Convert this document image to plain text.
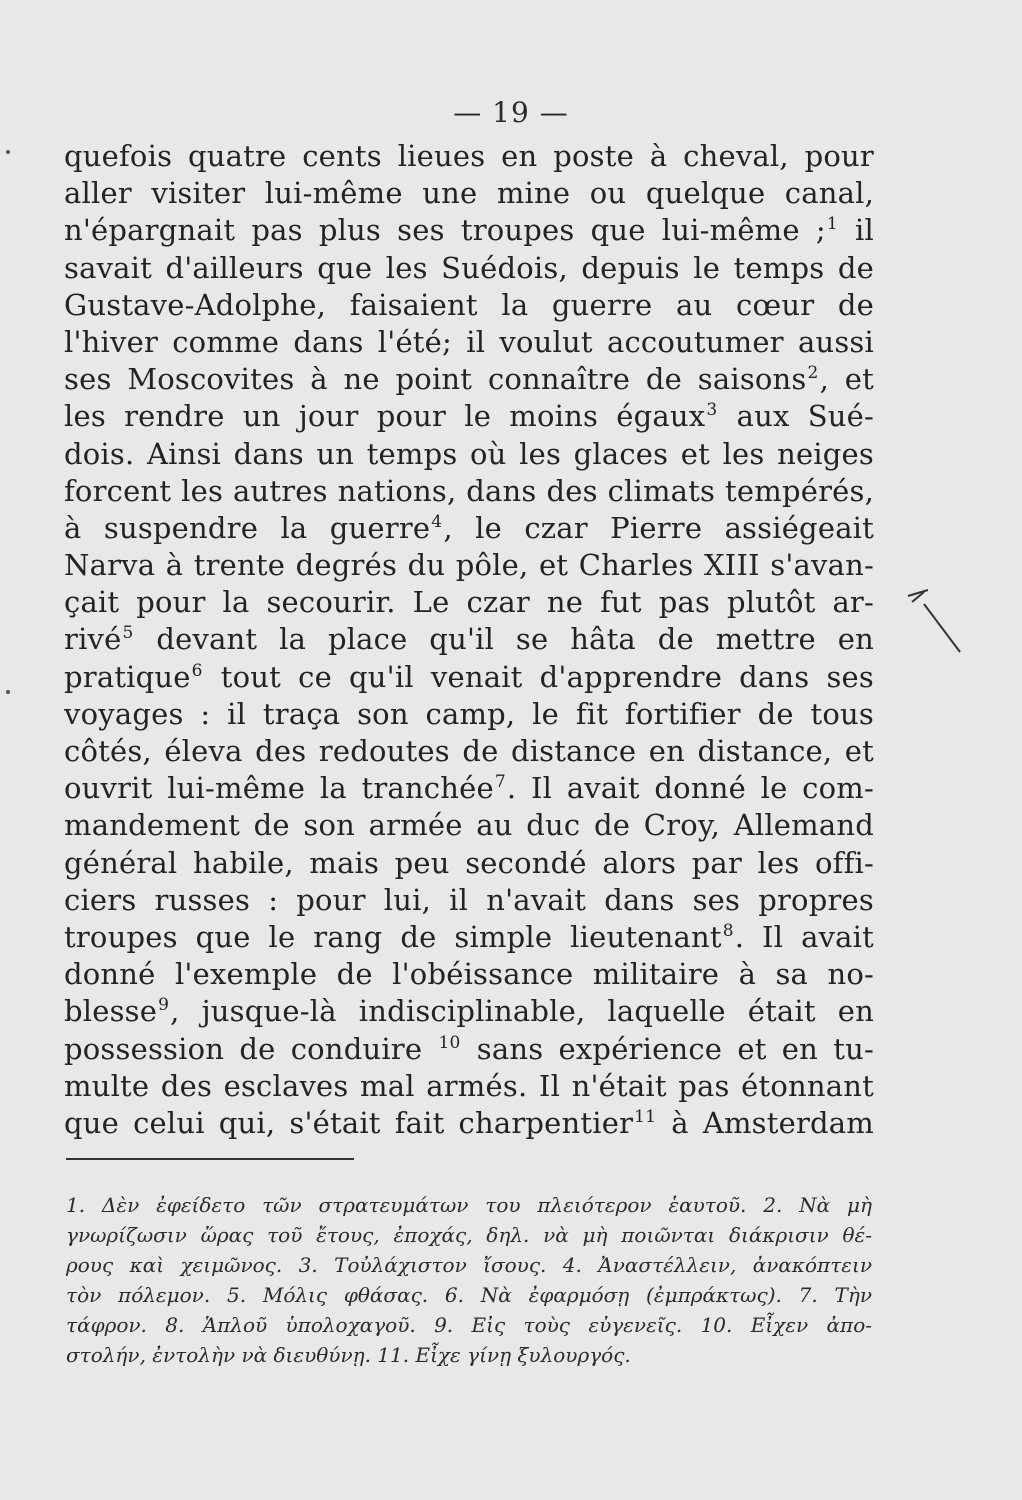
— 19 —
quefois quatre cents lieues en poste à cheval, pour
aller visiter lui-même une mine ou quelque canal,
n'épargnait pas plus ses troupes que lui-même ;$^1$ il
savait d'ailleurs que les Suédois, depuis le temps de
Gustave-Adolphe, faisaient la guerre au cœur de
l'hiver comme dans l'été; il voulut accoutumer aussi
ses Moscovites à ne point connaître de saisons$^2$, et
les rendre un jour pour le moins égaux$^3$ aux Sué-
dois. Ainsi dans un temps où les glaces et les neiges
forcent les autres nations, dans des climats tempérés,
à suspendre la guerre$^4$, le czar Pierre assiégeait
Narva à trente degrés du pôle, et Charles XIII s'avan-
çait pour la secourir. Le czar ne fut pas plutôt ar-
rivé$^5$ devant la place qu'il se hâta de mettre en
pratique$^6$ tout ce qu'il venait d'apprendre dans ses
voyages : il traça son camp, le fit fortifier de tous
côtés, éleva des redoutes de distance en distance, et
ouvrit lui-même la tranchée$^7$. Il avait donné le com-
mandement de son armée au duc de Croy, Allemand
général habile, mais peu secondé alors par les offi-
ciers russes : pour lui, il n'avait dans ses propres
troupes que le rang de simple lieutenant$^8$. Il avait
donné l'exemple de l'obéissance militaire à sa no-
blesse$^9$, jusque-là indisciplinable, laquelle était en
possession de conduire $^{10}$ sans expérience et en tu-
multe des esclaves mal armés. Il n'était pas étonnant
que celui qui, s'était fait charpentier$^{11}$ à Amsterdam
1. Δὲν ἐφείδετο τῶν στρατευμάτων του πλειότερον ἑαυτοῦ. 2. Νὰ μὴ
γνωρίζωσιν ὥρας τοῦ ἔτους, ἐποχάς, δηλ. νὰ μὴ ποιῶνται διάκρισιν θέ-
ρους καὶ χειμῶνος. 3. Τοὐλάχιστον ἴσους. 4. Ἀναστέλλειν, ἀνακόπτειν
τὸν πόλεμον. 5. Μόλις φθάσας. 6. Νὰ ἐφαρμόσῃ (ἐμπράκτως). 7. Τὴν
τάφρον. 8. Ἁπλοῦ ὑπολοχαγοῦ. 9. Εἰς τοὺς εὐγενεῖς. 10. Εἶχεν ἀπο-
στολήν, ἐντολὴν νὰ διευθύνῃ. 11. Εἶχε γίνῃ ξυλουργός.
